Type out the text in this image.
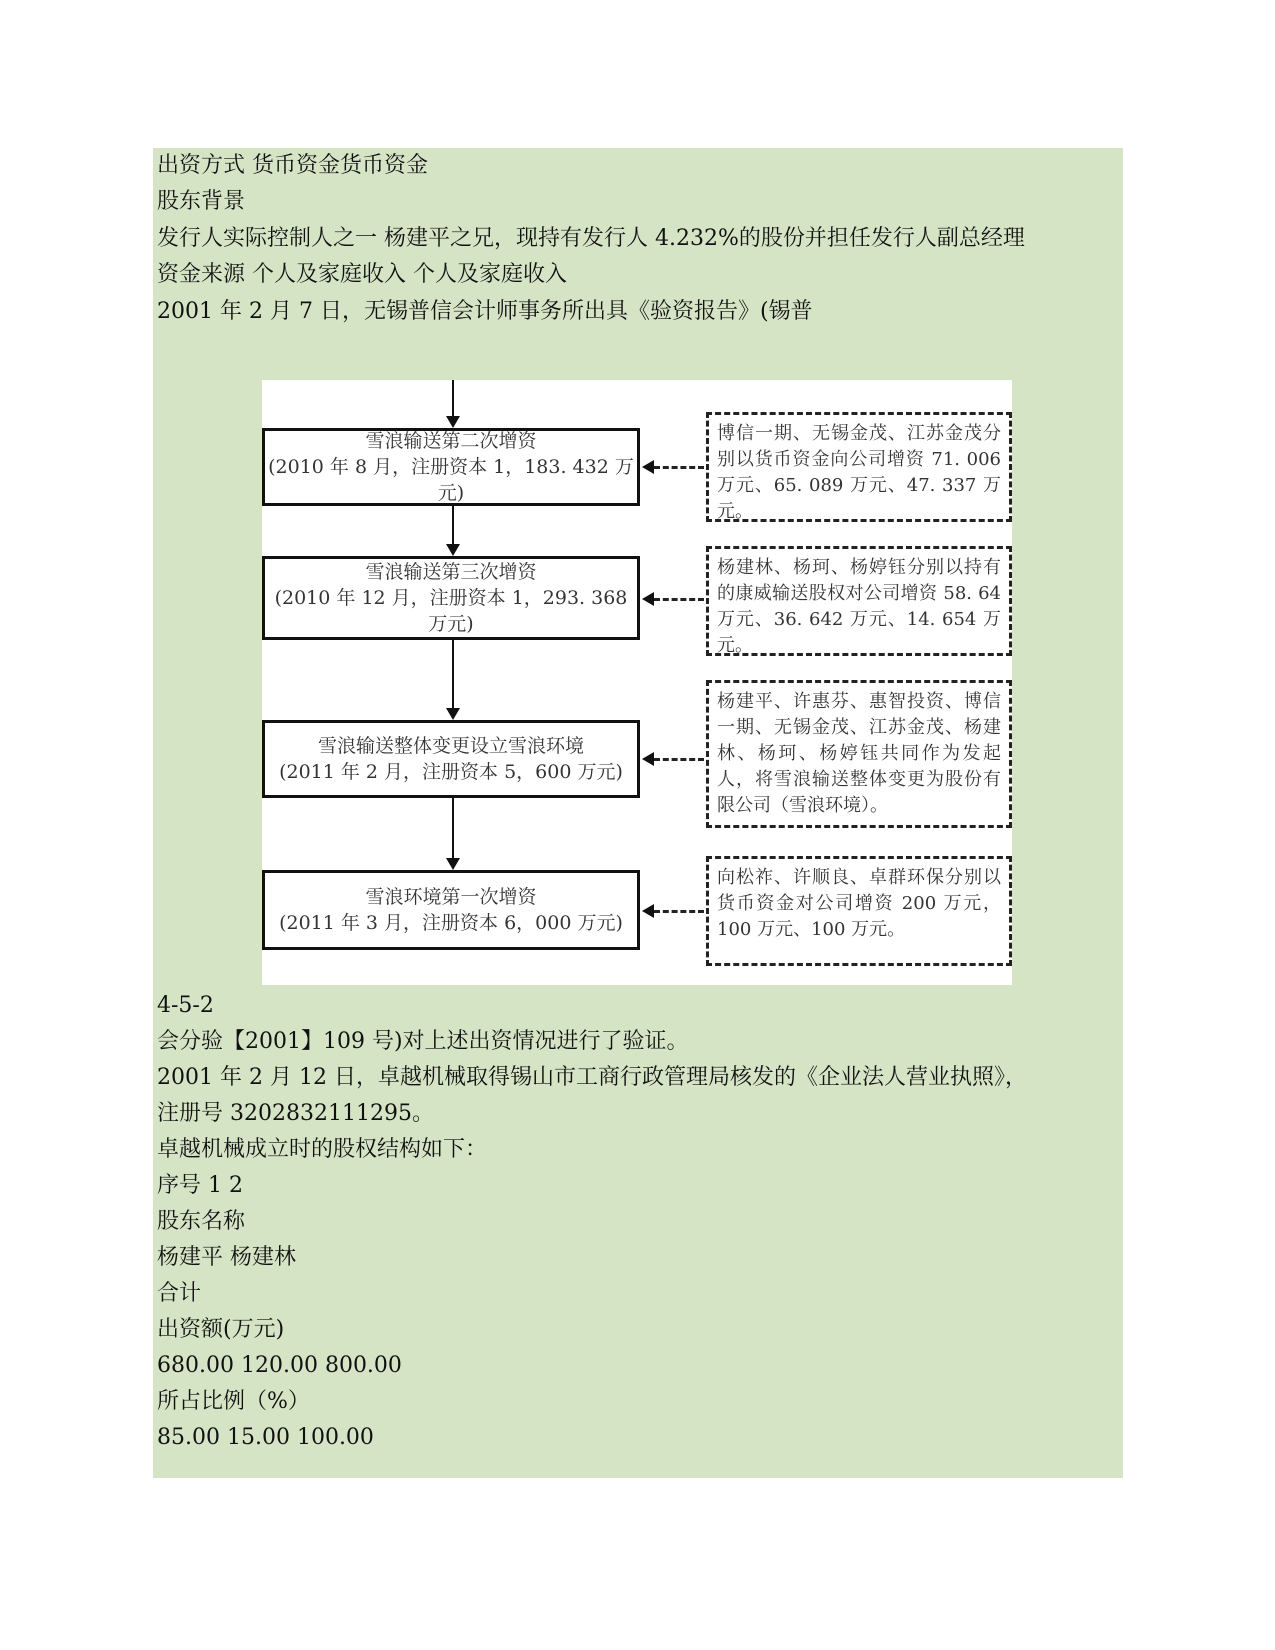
出资方式 货币资金货币资金
股东背景
发行人实际控制人之一 杨建平之兄，现持有发行人 4.232%的股份并担任发行人副总经理
资金来源 个人及家庭收入 个人及家庭收入
2001 年 2 月 7 日，无锡普信会计师事务所出具《验资报告》(锡普
雪浪输送第二次增资
(2010 年 8 月，注册资本 1，183. 432 万元)
博信一期、无锡金茂、江苏金茂分别以货币资金向公司增资 71. 006 万元、65. 089 万元、47. 337 万元。
雪浪输送第三次增资
(2010 年 12 月，注册资本 1，293. 368 万元)
杨建林、杨珂、杨婷钰分别以持有的康威输送股权对公司增资 58. 64 万元、36. 642 万元、14. 654 万元。
雪浪输送整体变更设立雪浪环境
(2011 年 2 月，注册资本 5，600 万元)
杨建平、许惠芬、惠智投资、博信一期、无锡金茂、江苏金茂、杨建林、杨珂、杨婷钰共同作为发起人，将雪浪输送整体变更为股份有限公司（雪浪环境）。
雪浪环境第一次增资
(2011 年 3 月，注册资本 6，000 万元)
向松祚、许顺良、卓群环保分别以货币资金对公司增资 200 万元，100 万元、100 万元。
4-5-2
会分验【2001】109 号)对上述出资情况进行了验证。
2001 年 2 月 12 日，卓越机械取得锡山市工商行政管理局核发的《企业法人营业执照》，
注册号 3202832111295。
卓越机械成立时的股权结构如下：
序号 1 2
股东名称
杨建平 杨建林
合计
出资额(万元)
680.00 120.00 800.00
所占比例（%）
85.00 15.00 100.00
